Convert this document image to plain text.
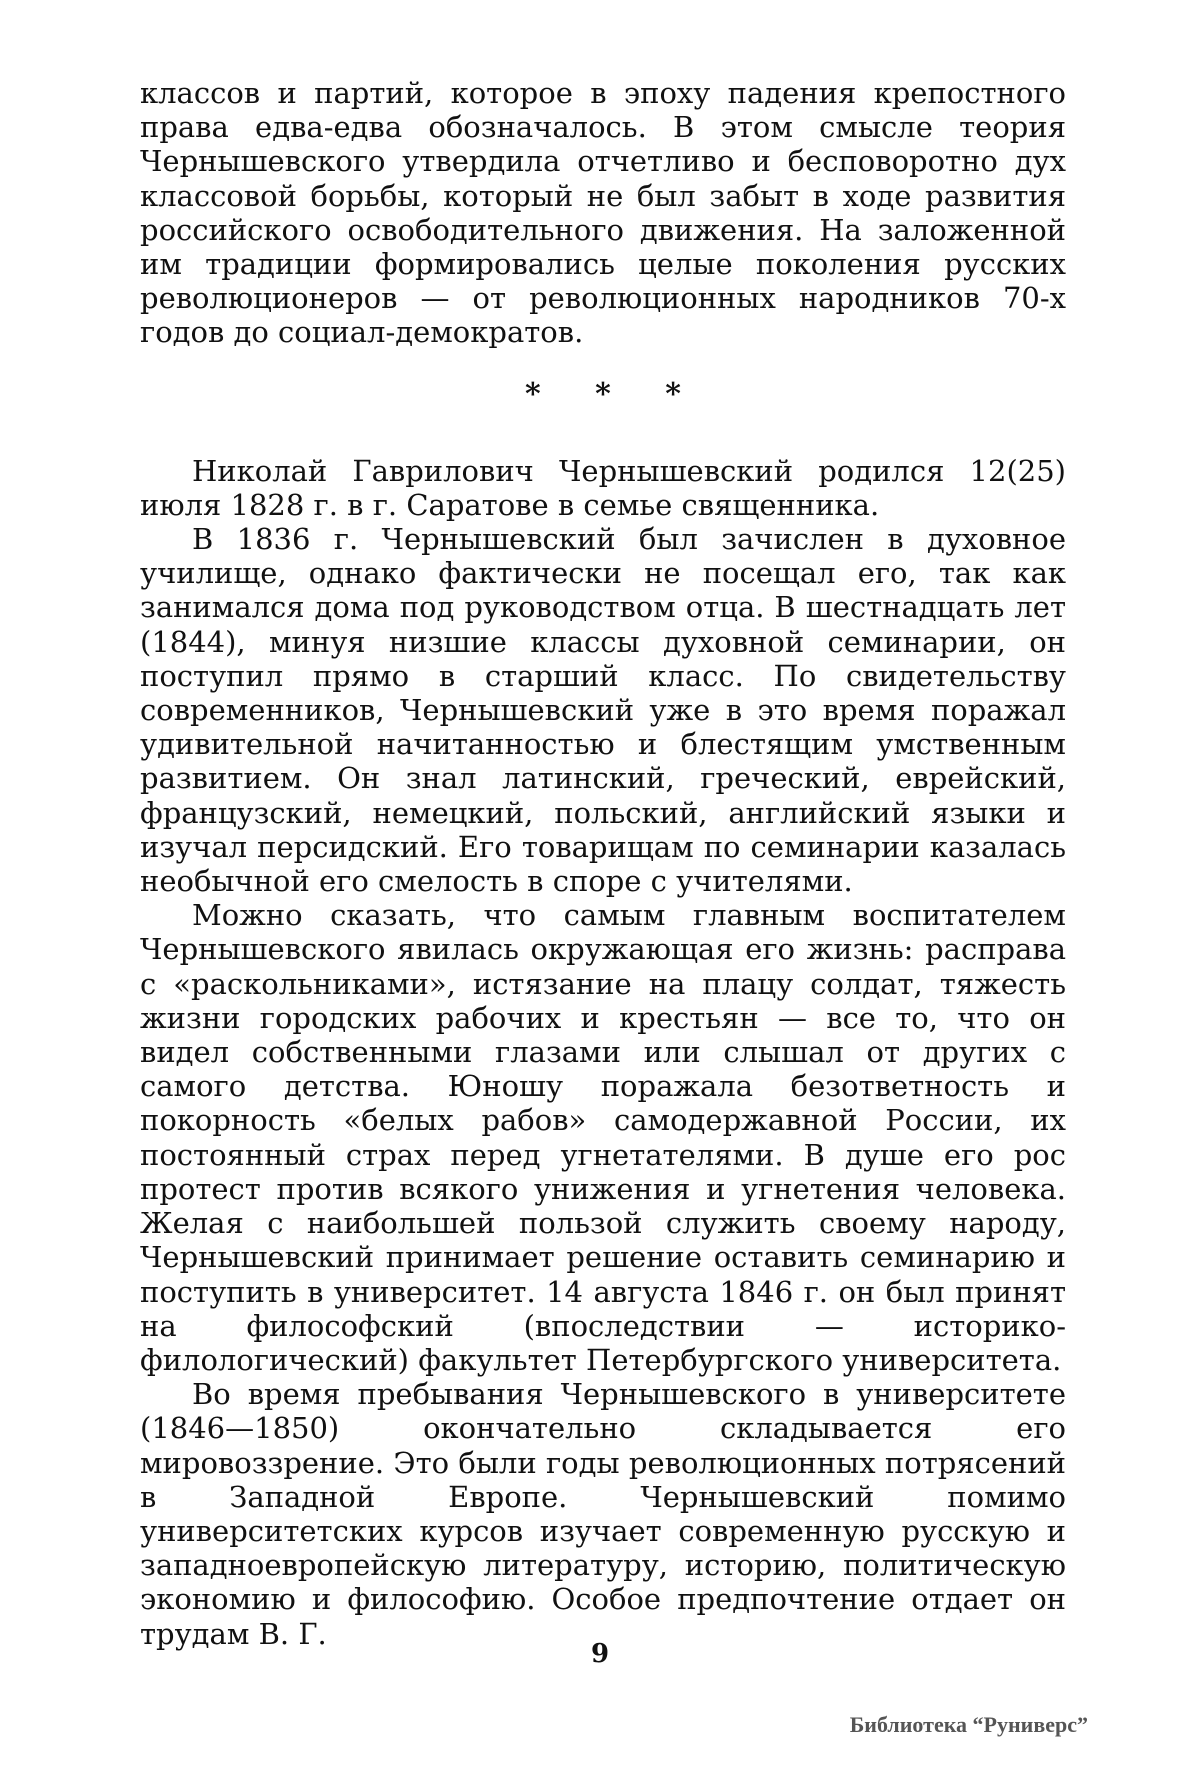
классов и партий, которое в эпоху падения крепостного права едва-едва обозначалось. В этом смысле теория Чернышевского утвердила отчетливо и бесповоротно дух классовой борьбы, который не был забыт в ходе развития российского освободительного движения. На заложенной им традиции формировались целые поколения русских революционеров — от революционных народников 70-х годов до социал-демократов.

* * *

Николай Гаврилович Чернышевский родился 12(25) июля 1828 г. в г. Саратове в семье священника.

В 1836 г. Чернышевский был зачислен в духовное училище, однако фактически не посещал его, так как занимался дома под руководством отца. В шестнадцать лет (1844), минуя низшие классы духовной семинарии, он поступил прямо в старший класс. По свидетельству современников, Чернышевский уже в это время поражал удивительной начитанностью и блестящим умственным развитием. Он знал латинский, греческий, еврейский, французский, немецкий, польский, английский языки и изучал персидский. Его товарищам по семинарии казалась необычной его смелость в споре с учителями.

Можно сказать, что самым главным воспитателем Чернышевского явилась окружающая его жизнь: расправа с «раскольниками», истязание на плацу солдат, тяжесть жизни городских рабочих и крестьян — все то, что он видел собственными глазами или слышал от других с самого детства. Юношу поражала безответность и покорность «белых рабов» самодержавной России, их постоянный страх перед угнетателями. В душе его рос протест против всякого унижения и угнетения человека. Желая с наибольшей пользой служить своему народу, Чернышевский принимает решение оставить семинарию и поступить в университет. 14 августа 1846 г. он был принят на философский (впоследствии — историко-филологический) факультет Петербургского университета.

Во время пребывания Чернышевского в университете (1846—1850) окончательно складывается его мировоззрение. Это были годы революционных потрясений в Западной Европе. Чернышевский помимо университетских курсов изучает современную русскую и западноевропейскую литературу, историю, политическую экономию и философию. Особое предпочтение отдает он трудам В. Г.

9
Библиотека “Руниверс”
